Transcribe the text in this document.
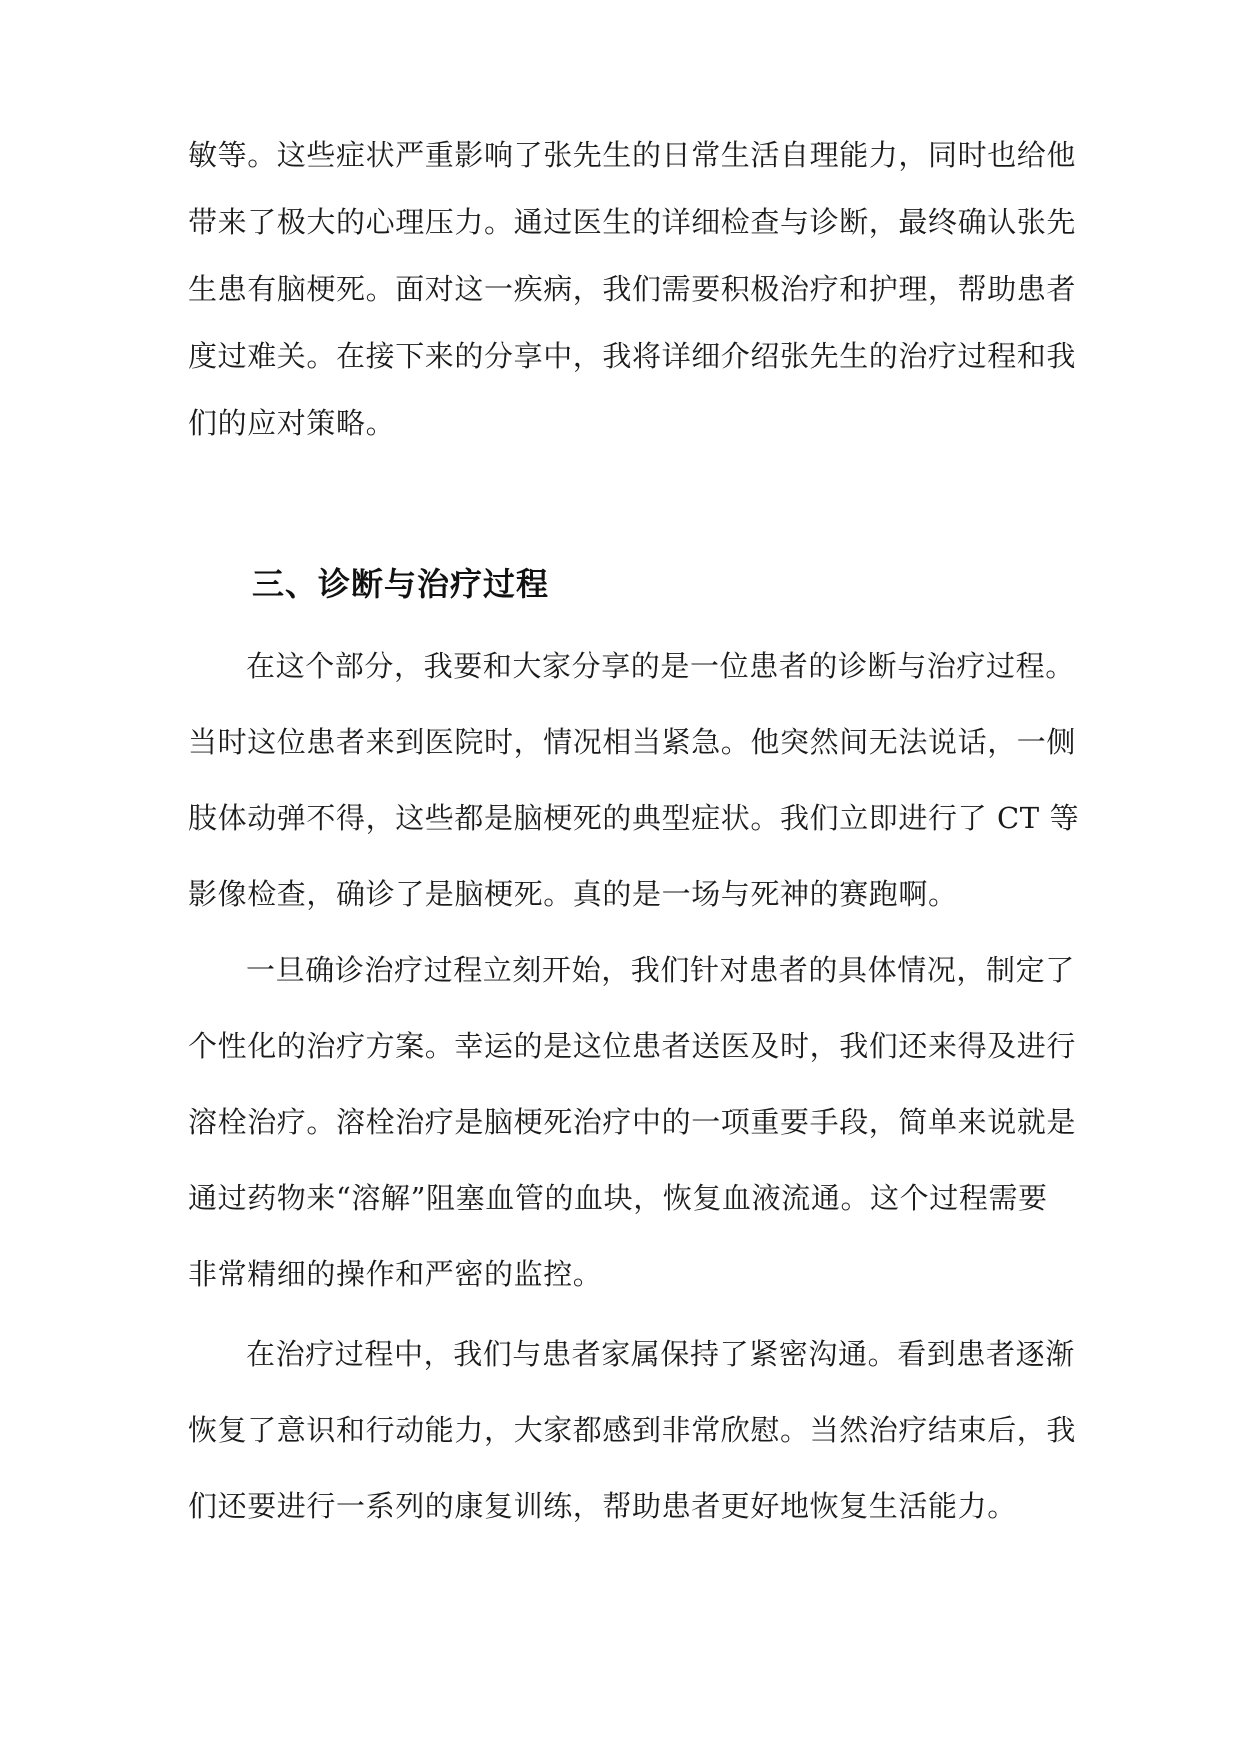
敏等。这些症状严重影响了张先生的日常生活自理能力，同时也给他
带来了极大的心理压力。通过医生的详细检查与诊断，最终确认张先
生患有脑梗死。面对这一疾病，我们需要积极治疗和护理，帮助患者
度过难关。在接下来的分享中，我将详细介绍张先生的治疗过程和我
们的应对策略。
三、诊断与治疗过程
在这个部分，我要和大家分享的是一位患者的诊断与治疗过程。
当时这位患者来到医院时，情况相当紧急。他突然间无法说话，一侧
肢体动弹不得，这些都是脑梗死的典型症状。我们立即进行了 CT 等
影像检查，确诊了是脑梗死。真的是一场与死神的赛跑啊。
一旦确诊治疗过程立刻开始，我们针对患者的具体情况，制定了
个性化的治疗方案。幸运的是这位患者送医及时，我们还来得及进行
溶栓治疗。溶栓治疗是脑梗死治疗中的一项重要手段，简单来说就是
通过药物来“溶解”阻塞血管的血块，恢复血液流通。这个过程需要
非常精细的操作和严密的监控。
在治疗过程中，我们与患者家属保持了紧密沟通。看到患者逐渐
恢复了意识和行动能力，大家都感到非常欣慰。当然治疗结束后，我
们还要进行一系列的康复训练，帮助患者更好地恢复生活能力。
